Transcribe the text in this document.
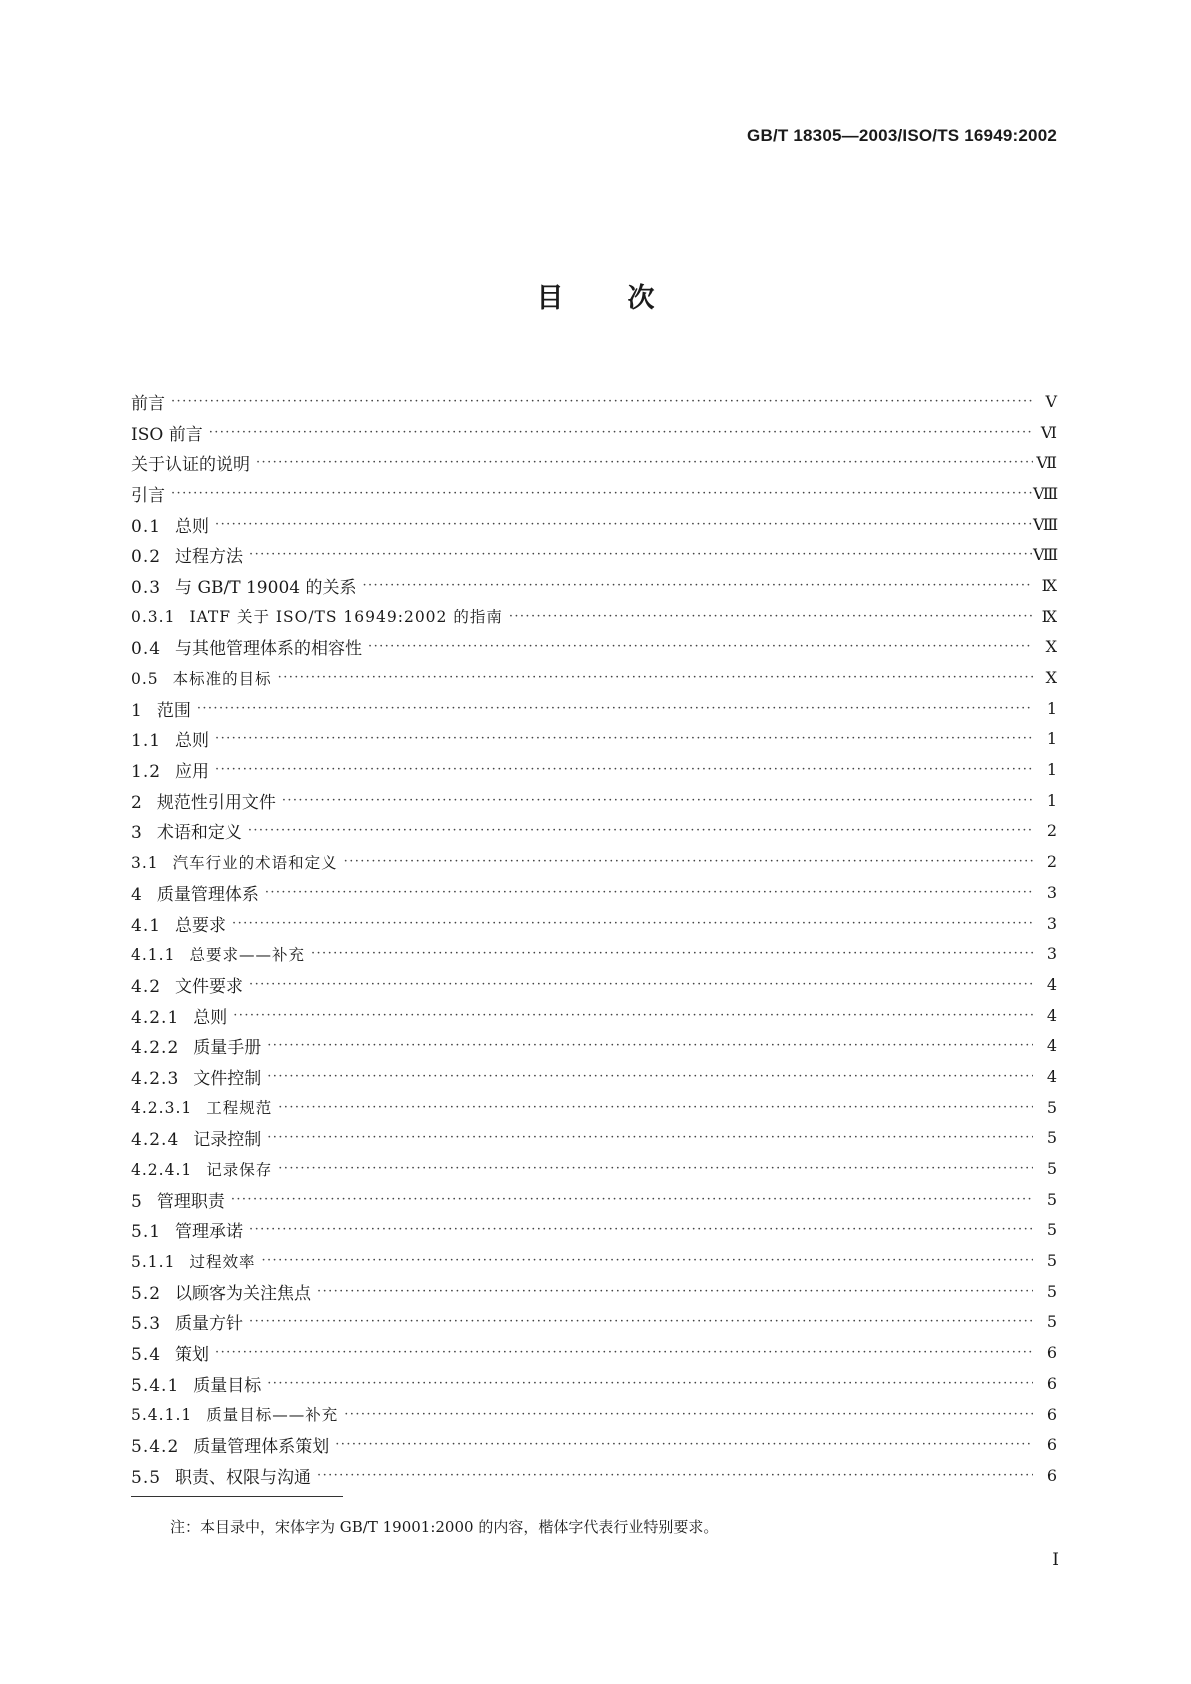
GB/T 18305—2003/ISO/TS 16949:2002
目 次
前言 ·····	Ⅴ
ISO 前言 ·····	Ⅵ
关于认证的说明 ·····	Ⅶ
引言 ·····	Ⅷ
0.1 总则 ·····	Ⅷ
0.2 过程方法 ·····	Ⅷ
0.3 与 GB/T 19004 的关系 ·····	Ⅸ
0.3.1 IATF 关于 ISO/TS 16949:2002 的指南 ·····	Ⅸ
0.4 与其他管理体系的相容性 ·····	Ⅹ
0.5 本标准的目标 ·····	Ⅹ
1 范围 ·····	1
1.1 总则 ·····	1
1.2 应用 ·····	1
2 规范性引用文件 ·····	1
3 术语和定义 ·····	2
3.1 汽车行业的术语和定义 ·····	2
4 质量管理体系 ·····	3
4.1 总要求 ·····	3
4.1.1 总要求——补充 ·····	3
4.2 文件要求 ·····	4
4.2.1 总则 ·····	4
4.2.2 质量手册 ·····	4
4.2.3 文件控制 ·····	4
4.2.3.1 工程规范 ·····	5
4.2.4 记录控制 ·····	5
4.2.4.1 记录保存 ·····	5
5 管理职责 ·····	5
5.1 管理承诺 ·····	5
5.1.1 过程效率 ·····	5
5.2 以顾客为关注焦点 ·····	5
5.3 质量方针 ·····	5
5.4 策划 ·····	6
5.4.1 质量目标 ·····	6
5.4.1.1 质量目标——补充 ·····	6
5.4.2 质量管理体系策划 ·····	6
5.5 职责、权限与沟通 ·····	6
注：本目录中，宋体字为 GB/T 19001:2000 的内容，楷体字代表行业特别要求。
I
